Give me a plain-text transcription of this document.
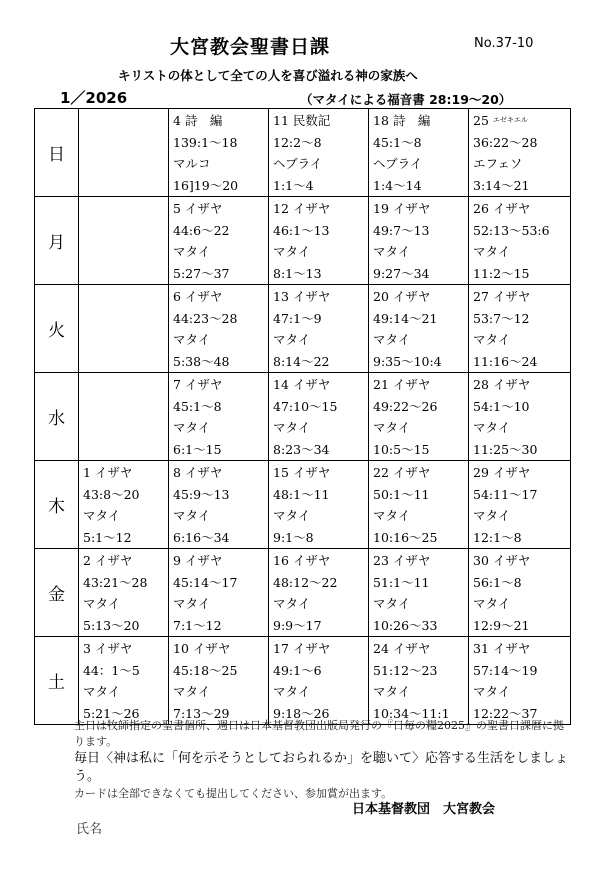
大宮教会聖書日課	No.37-10
キリストの体として全ての人を喜び溢れる神の家族へ
1／2026	（マタイによる福音書 28:19～20）
日		4 詩　編
139:1～18
マルコ
16]19～20	11 民数記
12:2～8
ヘブライ
1:1～4	18 詩　編
45:1～8
ヘブライ
1:4～14	25 $^{エゼキエル}$
36:22～28
エフェソ
3:14～21

月		5 イザヤ
44:6～22
マタイ
5:27～37	12 イザヤ
46:1～13
マタイ
8:1～13	19 イザヤ
49:7～13
マタイ
9:27～34	26 イザヤ
52:13～53:6
マタイ
11:2～15

火		6 イザヤ
44:23～28
マタイ
5:38～48	13 イザヤ
47:1～9
マタイ
8:14～22	20 イザヤ
49:14～21
マタイ
9:35～10:4	27 イザヤ
53:7～12
マタイ
11:16～24

水		7 イザヤ
45:1～8
マタイ
6:1～15	14 イザヤ
47:10～15
マタイ
8:23～34	21 イザヤ
49:22～26
マタイ
10:5～15	28 イザヤ
54:1～10
マタイ
11:25～30

木	1 イザヤ
43:8～20
マタイ
5:1～12	8 イザヤ
45:9～13
マタイ
6:16～34	15 イザヤ
48:1～11
マタイ
9:1～8	22 イザヤ
50:1～11
マタイ
10:16～25	29 イザヤ
54:11～17
マタイ
12:1～8

金	2 イザヤ
43:21～28
マタイ
5:13～20	9 イザヤ
45:14～17
マタイ
7:1～12	16 イザヤ
48:12～22
マタイ
9:9～17	23 イザヤ
51:1～11
マタイ
10:26～33	30 イザヤ
56:1～8
マタイ
12:9～21

土	3 イザヤ
44：1～5
マタイ
5:21～26	10 イザヤ
45:18～25
マタイ
7:13～29	17 イザヤ
49:1～6
マタイ
9:18～26	24 イザヤ
51:12～23
マタイ
10:34～11:1	31 イザヤ
57:14～19
マタイ
12:22～37
主日は牧師指定の聖書個所、週日は日本基督教団出版局発行の『日毎の糧2025』の聖書日課暦に拠ります。
毎日〈神は私に「何を示そうとしておられるか」を聴いて〉応答する生活をしましょう。
カードは全部できなくても提出してください、参加賞が出ます。
日本基督教団　大宮教会
氏名
